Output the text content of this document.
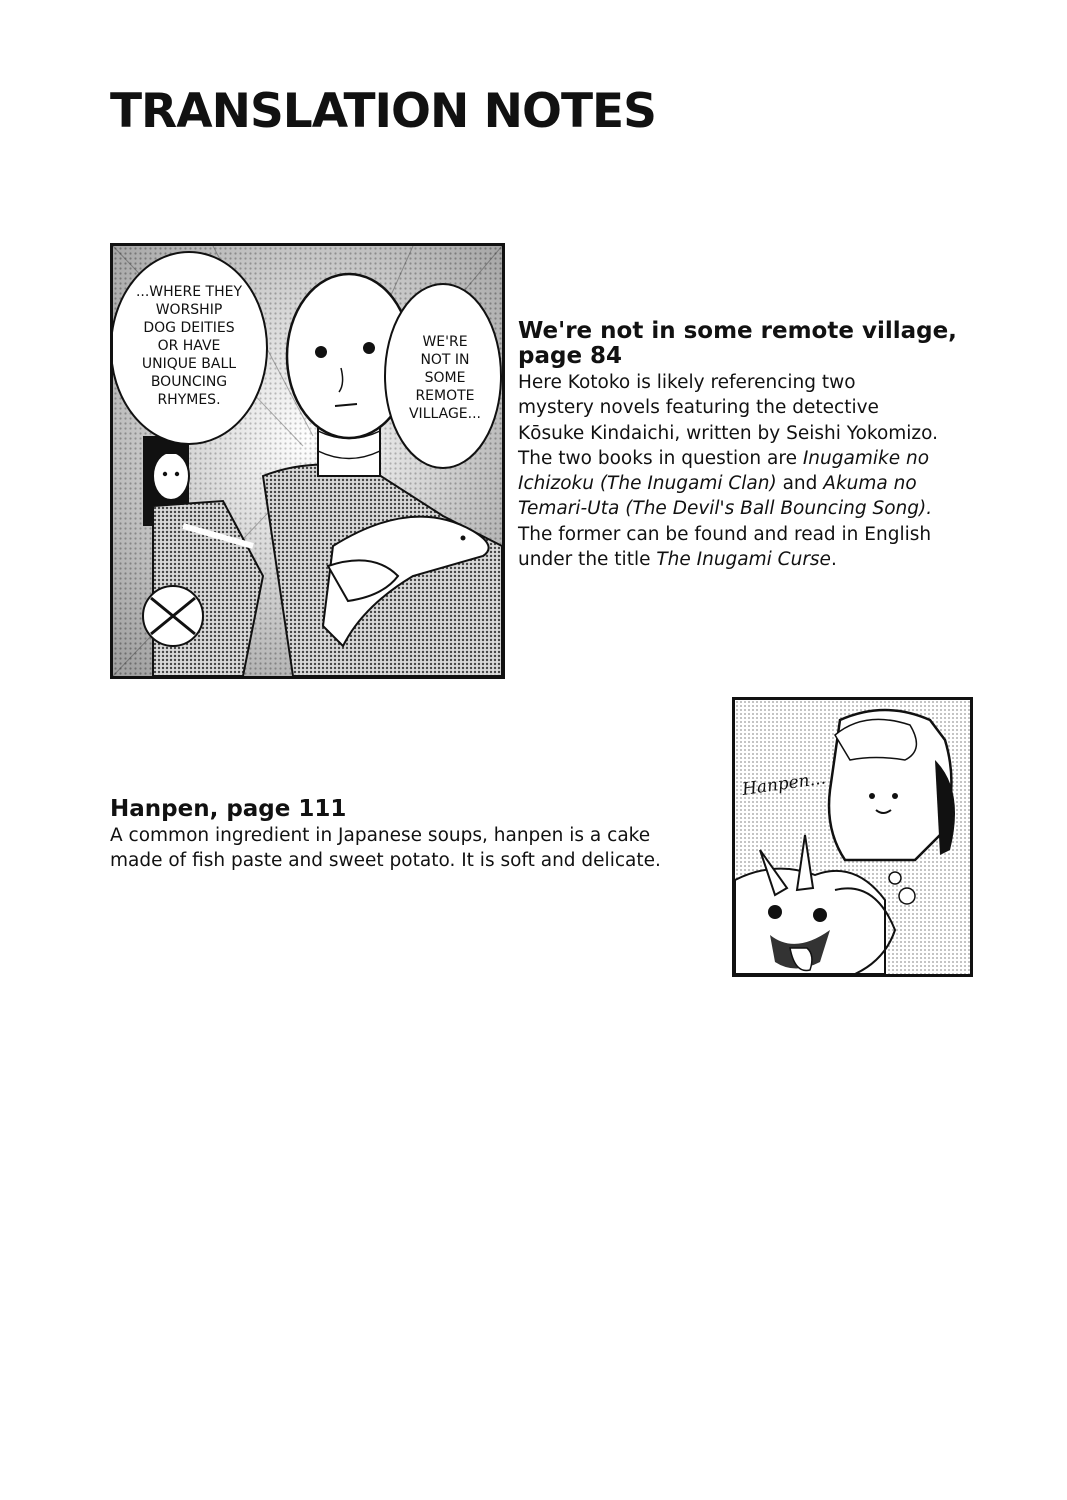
TRANSLATION NOTES
...WHERE THEY
WORSHIP
DOG DEITIES
OR HAVE
UNIQUE BALL
BOUNCING
RHYMES.
WE'RE
NOT IN
SOME
REMOTE
VILLAGE...
We're not in some remote village,
page 84

Here Kotoko is likely referencing two
mystery novels featuring the detective
Kōsuke Kindaichi, written by Seishi Yokomizo.
The two books in question are Inugamike no
Ichizoku (The Inugami Clan) and Akuma no
Temari-Uta (The Devil's Ball Bouncing Song).
The former can be found and read in English
under the title The Inugami Curse.

Hanpen...
Hanpen, page 111

A common ingredient in Japanese soups, hanpen is a cake
made of fish paste and sweet potato. It is soft and delicate.
